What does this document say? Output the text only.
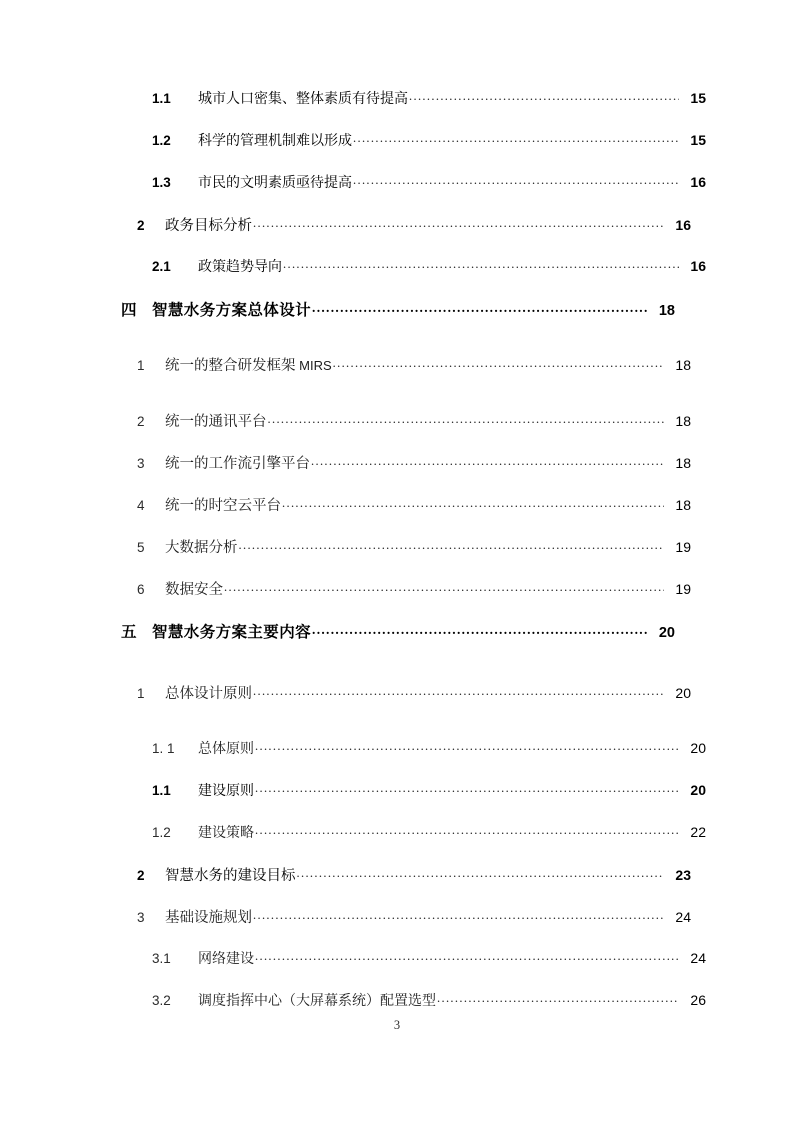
1.1	城市人口密集、整体素质有待提高 .....	15
1.2	科学的管理机制难以形成 .....	15
1.3	市民的文明素质亟待提高 .....	16
2	政务目标分析 .....	16
2.1	政策趋势导向 .....	16
四 智慧水务方案总体设计 .....	18
1	统一的整合研发框架 MIRS .....	18
2	统一的通讯平台 .....	18
3	统一的工作流引擎平台 .....	18
4	统一的时空云平台 .....	18
5	大数据分析 .....	19
6	数据安全 .....	19
五 智慧水务方案主要内容 .....	20
1	总体设计原则 .....	20
1. 1	总体原则 .....	20
1.1	建设原则 .....	20
1.2	建设策略 .....	22
2	智慧水务的建设目标 .....	23
3	基础设施规划 .....	24
3.1	网络建设 .....	24
3.2	调度指挥中心（大屏幕系统）配置选型 .....	26
3
